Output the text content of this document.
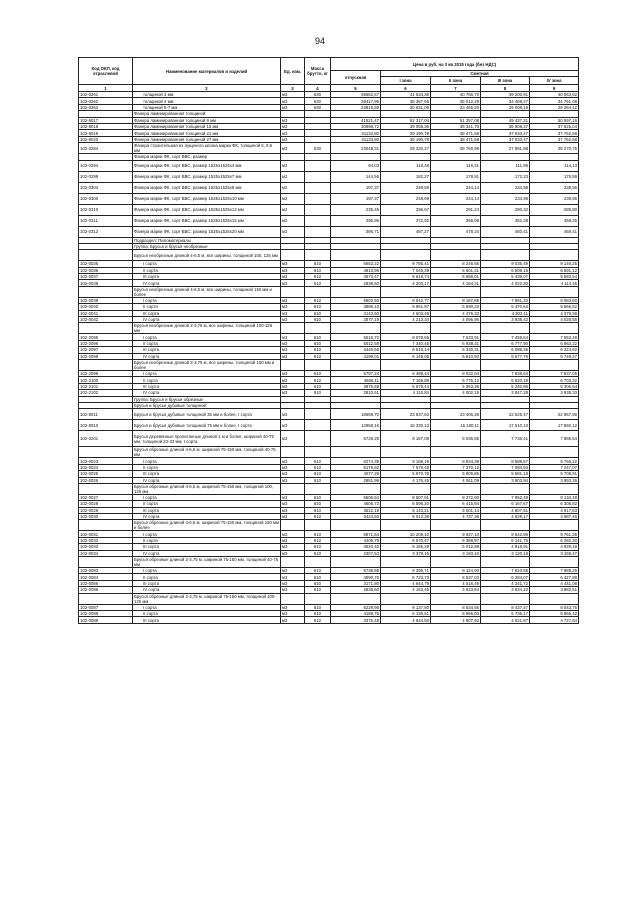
94
Код ОКП, код отраслевой	Наименование материалов и изделий	Ед. изм.	Масса брутто, кг	Цена в руб. на 3 кв 2015 года (без НДС)				
				отпускная	Сметная			
					I зона	II зона	III зона	IV зона

1	2	3	4	5	6	7	8	9
102-0261	толщиной 3 мм	м3	630	39562,67	41 534,36	40 766,70	39 200,91	40 063,62
102-0262	толщиной 4 мм	м3	630	28417,96	36 367,66	35 012,29	34 469,27	34 761,08
102-0263	толщиной 5-7 мм	м3	630	23815,59	30 631,06	23 465,20	29 008,19	29 254,42
	Фанера ламинированная толщиной:							
102-8017	Фанера ламинированная толщиной 9 мм	м3		41521,47	52 317,04	51 357,08	49 437,21	50 597,16
102-8018	Фанера ламинированная толщиной 15 мм	м3		30996,72	39 058,36	38 341,70	36 908,37	37 625,04
102-8019	Фанера ламинированная толщиной 21 мм	м3		31133,80	39 190,79	38 471,68	37 033,47	37 752,58
102-8020	Фанера ламинированная толщиной 27 мм	м3		31133,80	39 190,79	38 471,68	37 033,47	37 752,58
102-0284	Фанера строительная из лущеного шпона марки ФК, толщиной 6, 9,5 мм	м3	630	23048,31	29 320,27	28 760,99	27 881,98	28 270,75
	Фанера марки ФК, сорт ВВС, размер							
102-0294	Фанера марки ФК, сорт ВВС, размер 1525х1525х4 мм	м2		94,03	118,48	116,31	111,95	114,13
102-0299	Фанера марки ФК, сорт ВВС, размер 1525х1525х7 мм	м2		144,56	182,27	178,91	172,23	175,59
102-0304	Фанера марки ФК, сорт ВВС, размер 1525х1525х9 мм	м2		197,37	248,69	244,14	234,98	239,56
102-0300	Фанера марки ФК, сорт ВВС, размер 1525х1525х10 мм	м2		197,37	248,69	244,14	234,98	239,56
102-0310	Фанера марки ФК, сорт ВВС, размер 1525х1525х12 мм	м2		235,45	296,67	291,24	280,32	285,80
102-0311	Фанера марки ФК, сорт ВВС, размер 1525х1525х15 мм	м2		295,96	372,92	366,09	352,38	359,25
102-0312	Фанера марки ФК, сорт ВВС, размер 1525х1525х20 мм	м2		386,71	487,27	478,34	460,41	469,41
	Подраздел: Пиломатериалы							
	Группа: Брусья и брусья необрезные							
	Брусья необрезные длиной 4-6,5 м, все ширины, толщиной 100, 125 мм							
102-0035	I сорта	м3	610	5652,22	9 785,41	8 246,65	9 035,49	9 146,25
102-0036	II сорта	м3	610	4813,96	7 049,39	6 601,31	6 509,15	6 591,12
102-0037	III сорта	м3	610	3673,47	5 618,74	5 658,01	5 439,07	5 583,54
102-0038	IV сорта	м3	610	2838,50	4 203,17	4 164,31	4 022,30	4 114,45
	Брусья необрезные длиной 4-6,5 м, все ширины, толщиной 150 мм и более							
102-0039	I сорта	м3	610	5902,50	8 642,77	8 187,85	7 981,32	8 083,60
102-0040	II сорта	м3	610	3996,10	5 851,87	5 690,23	5 470,64	5 566,52
102-0041	III сорта	м3	610	3143,60	4 603,49	4 476,33	4 303,11	4 379,59
102-0042	IV сорта	м3	610	2877,19	4 213,34	4 096,96	3 938,42	4 028,55
	Брусья необрезные длиной 2-3,75 м, все ширины, толщиной 100-125 мм							
102-2095	I сорта	м3	610	5516,72	8 078,65	7 633,91	7 459,54	7 553,49
102-2096	II сорта	м3	610	5012,58	7 340,45	6 938,31	6 777,90	6 863,22
102-2097	III сорта	м3	610	4445,58	6 510,14	6 330,31	6 085,36	6 224,62
102-2098	IV сорта	м3	610	4199,01	6 149,05	5 810,50	5 677,76	5 749,27
	Брусья необрезные длиной 2-3,75 м, все ширины, толщиной 150 мм и более							
102-2099	I сорта	м3	610	5797,24	8 489,44	8 022,04	7 838,64	7 937,05
102-2100	II сорта	м3	610	4696,11	7 169,88	6 775,12	6 620,19	6 703,32
102-2101	III сорта	м3	610	3875,69	5 675,44	5 363,36	5 240,86	5 306,64
102-2102	IV сорта	м3	610	2810,61	4 115,84	4 002,15	3 847,28	3 935,33
	Группа: Брусья и брусья обрезные							
	Брусья и брусья дубовые толщиной:							
102-8011	Брусья и брусья дубовые толщиной 35 мм и более, I сорта	м3		18669,70	23 837,63	23 406,26	22 525,47	22 967,86
102-8010	Брусья и брусья дубовые толщиной 75 мм и более, I сорта	м3		12958,16	16 330,13	16 180,11	17 510,10	17 850,12
102-0201	Брусья деревянные пропитанные длиной 1 м и более, шириной 40-75 мм, толщиной 22-32 мм, I сорта	м3		5728,25	8 187,08	8 036,85	7 736,41	7 886,64
	Брусья обрезные длиной 4-6,5 м, шириной 75-150 мм, толщиной 40-75 мм							
102-0023	I сорта	м3	610	6274,39	9 188,19	8 934,39	8 589,67	8 765,22
102-0024	II сорта	м3	610	5175,82	7 579,49	7 370,12	7 084,93	7 247,07
102-0025	III сорта	м3	610	4077,29	5 970,78	5 805,86	5 581,18	5 708,91
102-0026	IV сорта	м3	610	2851,99	4 176,45	4 061,09	3 903,94	3 993,26
	Брусья обрезные длиной 4-6,5 м, шириной 75-150 мм, толщиной 100, 125 мм							
102-0027	I сорта	м3	610	5606,64	8 507,61	8 272,60	7 952,49	8 134,48
102-0028	II сорта	м3	610	4505,72	6 598,20	6 415,94	6 167,67	6 308,82
102-0029	III сорта	м3	610	3512,19	5 143,21	5 001,14	4 807,61	4 917,63
102-0030	IV сорта	м3	610	3423,50	5 013,39	4 737,36	4 629,17	4 687,45
	Брусья обрезные длиной 4-6,5 м, шириной 75-150 мм, толщиной 150 мм и более							
102-0031	I сорта	м3	610	6871,54	10 208,10	9 927,10	9 542,96	9 761,35
102-0032	II сорта	м3	610	4406,79	6 570,47	6 388,97	6 141,75	6 282,30
102-0033	III сорта	м3	610	3520,40	5 155,29	5 012,88	4 818,91	4 929,19
102-0034	IV сорта	м3	610	2307,53	3 379,16	3 193,10	3 120,18	3 159,47
	Брусья обрезные длиной 2-3,75 м, шириной 75-150 мм, толщиной 40-75 мм							
102-0083	I сорта	м3	610	5738,88	8 395,71	8 124,90	7 810,55	7 989,25
102-0084	II сорта	м3	610	4590,76	6 722,73	6 537,03	6 284,07	6 427,88
102-0085	III сорта	м3	610	3171,80	4 644,79	4 516,49	4 341,72	4 441,08
102-0086	IV сорта	м3	610	2835,60	4 152,45	3 923,84	3 834,22	3 882,51
	Брусья обрезные длиной 2-3,75 м, шириной 75-150 мм, толщиной 100-125 мм							
102-0087	I сорта	м3	610	6229,95	9 137,80	8 634,66	8 437,47	8 543,75
102-0088	II сорта	м3	610	4189,76	6 135,51	5 966,03	5 735,17	5 866,42
102-0089	III сорта	м3	610	3376,48	4 944,50	4 807,92	4 621,87	4 727,64
